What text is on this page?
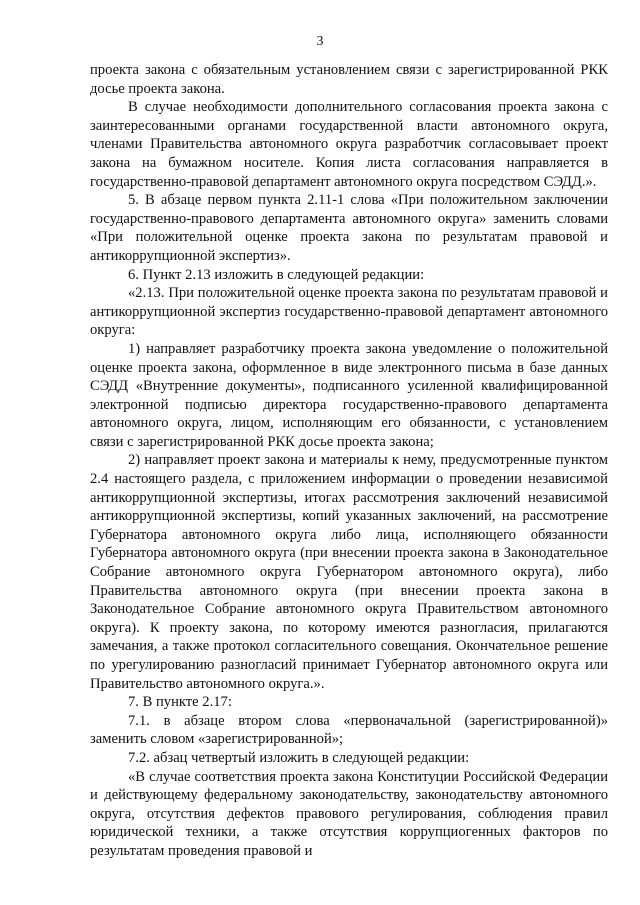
3

проекта закона с обязательным установлением связи с зарегистрированной РКК досье проекта закона.

В случае необходимости дополнительного согласования проекта закона с заинтересованными органами государственной власти автономного округа, членами Правительства автономного округа разработчик согласовывает проект закона на бумажном носителе. Копия листа согласования направляется в государственно-правовой департамент автономного округа посредством СЭДД.».

5. В абзаце первом пункта 2.11-1 слова «При положительном заключении государственно-правового департамента автономного округа» заменить словами «При положительной оценке проекта закона по результатам правовой и антикоррупционной экспертиз».

6. Пункт 2.13 изложить в следующей редакции:

«2.13. При положительной оценке проекта закона по результатам правовой и антикоррупционной экспертиз государственно-правовой департамент автономного округа:

1) направляет разработчику проекта закона уведомление о положительной оценке проекта закона, оформленное в виде электронного письма в базе данных СЭДД «Внутренние документы», подписанного усиленной квалифицированной электронной подписью директора государственно-правового департамента автономного округа, лицом, исполняющим его обязанности, с установлением связи с зарегистрированной РКК досье проекта закона;

2) направляет проект закона и материалы к нему, предусмотренные пунктом 2.4 настоящего раздела, с приложением информации о проведении независимой антикоррупционной экспертизы, итогах рассмотрения заключений независимой антикоррупционной экспертизы, копий указанных заключений, на рассмотрение Губернатора автономного округа либо лица, исполняющего обязанности Губернатора автономного округа (при внесении проекта закона в Законодательное Собрание автономного округа Губернатором автономного округа), либо Правительства автономного округа (при внесении проекта закона в Законодательное Собрание автономного округа Правительством автономного округа). К проекту закона, по которому имеются разногласия, прилагаются замечания, а также протокол согласительного совещания. Окончательное решение по урегулированию разногласий принимает Губернатор автономного округа или Правительство автономного округа.».

7. В пункте 2.17:

7.1. в абзаце втором слова «первоначальной (зарегистрированной)» заменить словом «зарегистрированной»;

7.2. абзац четвертый изложить в следующей редакции:

«В случае соответствия проекта закона Конституции Российской Федерации и действующему федеральному законодательству, законодательству автономного округа, отсутствия дефектов правового регулирования, соблюдения правил юридической техники, а также отсутствия коррупциогенных факторов по результатам проведения правовой и
